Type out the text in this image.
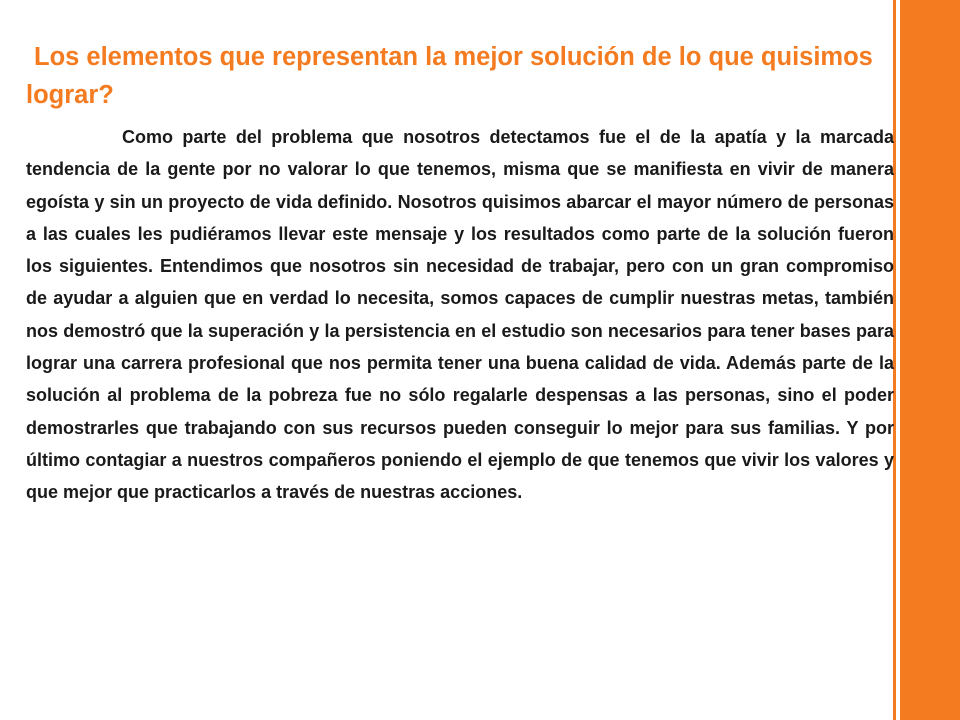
Los elementos que representan la mejor solución de lo que quisimos lograr?

Como parte del problema que nosotros detectamos fue el de la apatía y la marcada tendencia de la gente por no valorar lo que tenemos, misma que se manifiesta en vivir de manera egoísta y sin un proyecto de vida definido. Nosotros quisimos abarcar el mayor número de personas a las cuales les pudiéramos llevar este mensaje y los resultados como parte de la solución fueron los siguientes. Entendimos que nosotros sin necesidad de trabajar, pero con un gran compromiso de ayudar a alguien que en verdad lo necesita, somos capaces de cumplir nuestras metas, también nos demostró que la superación y la persistencia en el estudio son necesarios para tener bases para lograr una carrera profesional que nos permita tener una buena calidad de vida. Además parte de la solución al problema de la pobreza fue no sólo regalarle despensas a las personas, sino el poder demostrarles que trabajando con sus recursos pueden conseguir lo mejor para sus familias. Y por último contagiar a nuestros compañeros poniendo el ejemplo de que tenemos que vivir los valores y que mejor que practicarlos a través de nuestras acciones.
